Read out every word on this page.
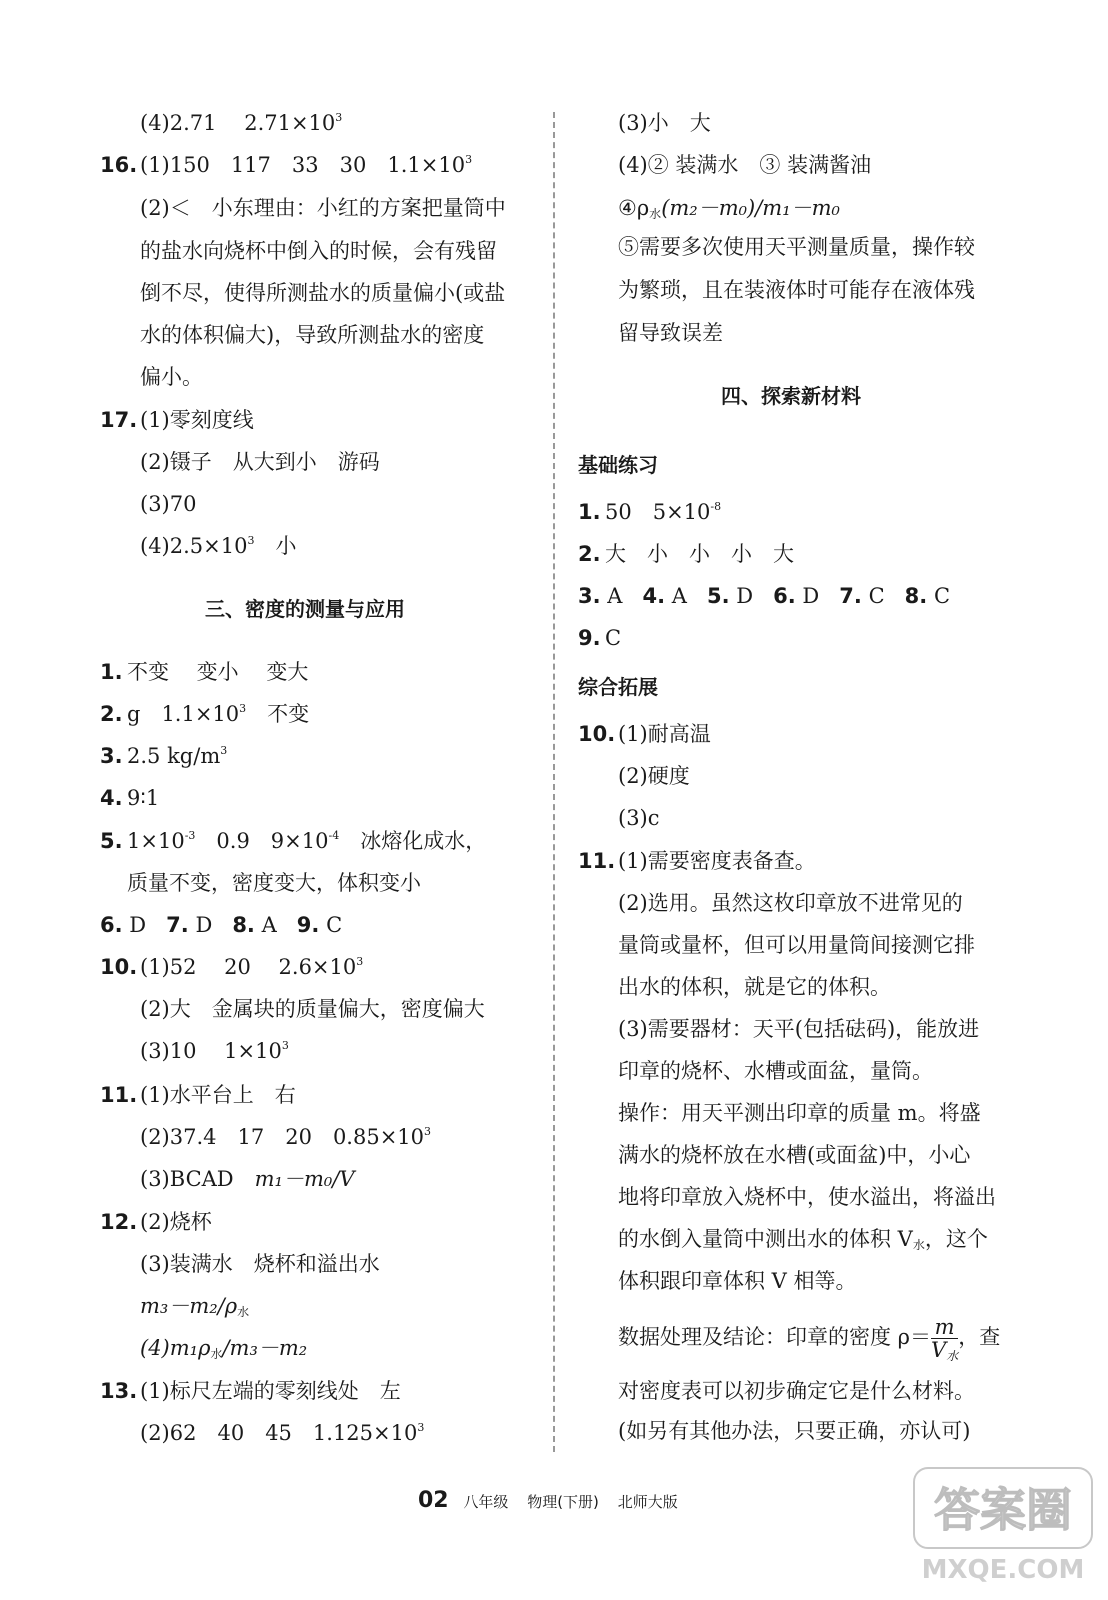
(4)2.71　 $2.71\times 10^3$
16. (1)150　117　33　30　$1.1\times 10^3$
(2)＜　小东理由：小红的方案把量筒中
的盐水向烧杯中倒入的时候，会有残留
倒不尽，使得所测盐水的质量偏小(或盐
水的体积偏大)，导致所测盐水的密度
偏小。
17. (1)零刻度线
(2)镊子　从大到小　游码
(3)70
$(4)2.5\times 10^3$　小
三、密度的测量与应用
1. 不变　 变小　 变大
2. g　$1.1\times 10^3$　不变
3. 2.5 $kg/m^3$
4. 9∶1
5. $1\times 10^{-3}$　0.9　$9\times 10^{-4}$　冰熔化成水，
质量不变，密度变大，体积变小
6. D 7. D 8. A 9. C
10. (1)52　 20　 $2.6\times 10^3$
(2)大　金属块的质量偏大，密度偏大
(3)10　 $1\times 10^3$
11. (1)水平台上　右
(2)37.4　17　20　$0.85\times 10^3$
(3)BCAD　m₁－m₀/V
12. (2)烧杯
(3)装满水　烧杯和溢出水
$m_3-m_2/\rho_水$
$(4)m_1\rho_水/m_3-m_2$
13. (1)标尺左端的零刻线处　左
(2)62　40　45　$1.125\times 10^3$
(3)小　大
(4)② 装满水　③ 装满酱油
$④\rho_水(m_2-m_0)/m_1-m_0$
⑤需要多次使用天平测量质量，操作较
为繁琐，且在装液体时可能存在液体残
留导致误差
四、探索新材料
基础练习
1. 50　$5\times 10^{-8}$
2. 大　小　小　小　大
3. A 4. A 5. D 6. D 7. C 8. C
9. C
综合拓展
10. (1)耐高温
(2)硬度
(3)c
11. (1)需要密度表备查。
(2)选用。虽然这枚印章放不进常见的
量筒或量杯，但可以用量筒间接测它排
出水的体积，就是它的体积。
(3)需要器材：天平(包括砝码)，能放进
印章的烧杯、水槽或面盆，量筒。
操作：用天平测出印章的质量 m。将盛
满水的烧杯放在水槽(或面盆)中，小心
地将印章放入烧杯中，使水溢出，将溢出
的水倒入量筒中测出水的体积 $V_水$，这个
体积跟印章体积 V 相等。
数据处理及结论：印章的密度 $\rho= \frac{m}{V_水}$ ，查
对密度表可以初步确定它是什么材料。
(如另有其他办法，只要正确，亦认可)
02 八年级 物理(下册) 北师大版	答案圈
MXQE.COM
